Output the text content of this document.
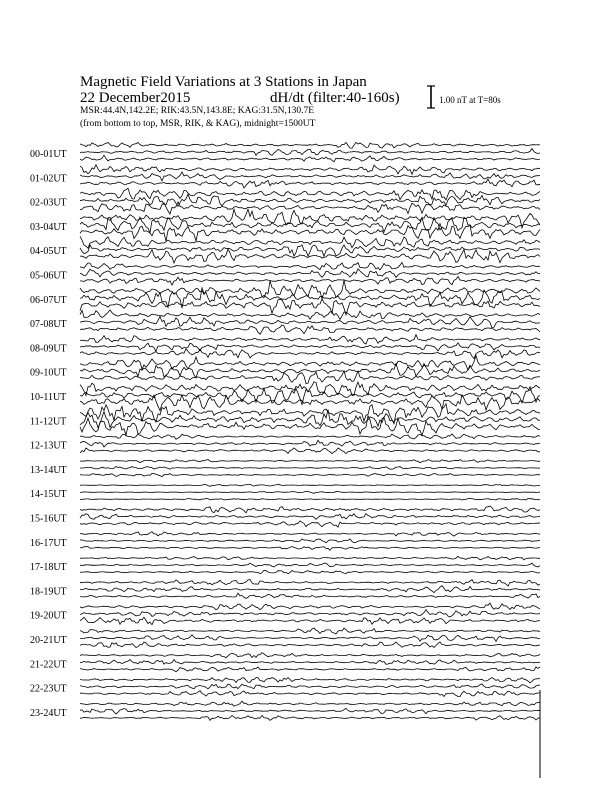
Magnetic Field Variations at 3 Stations in Japan
22 December2015	dH/dt (filter:40-160s)
MSR:44.4N,142.2E; RIK:43.5N,143.8E; KAG:31.5N,130.7E
(from bottom to top, MSR, RIK, & KAG), midnight=1500UT
1.00 nT at T=80s
00-01UT
01-02UT
02-03UT
03-04UT
04-05UT
05-06UT
06-07UT
07-08UT
08-09UT
09-10UT
10-11UT
11-12UT
12-13UT
13-14UT
14-15UT
15-16UT
16-17UT
17-18UT
18-19UT
19-20UT
20-21UT
21-22UT
22-23UT
23-24UT
